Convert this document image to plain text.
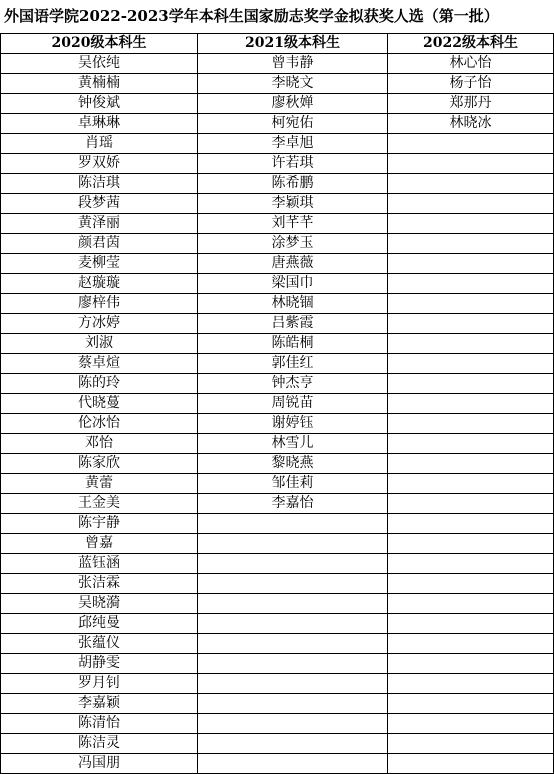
外国语学院2022-2023学年本科生国家励志奖学金拟获奖人选（第一批）
2020级本科生	2021级本科生	2022级本科生
吴依纯	曾韦静	林心怡
黄楠楠	李晓文	杨子怡
钟俊斌	廖秋婵	郑那丹
卓琳琳	柯宛佑	林晓冰
肖瑶	李卓旭	
罗双娇	许若琪	
陈洁琪	陈希鹏	
段梦茜	李颖琪	
黄泽丽	刘芊芊	
颜君茵	涂梦玉	
麦柳莹	唐燕薇	
赵璇璇	梁国巾	
廖梓伟	林晓锢	
方冰婷	吕紫霞	
刘淑	陈皓桐	
蔡卓煊	郭佳红	
陈的玲	钟杰亨	
代晓蔓	周锐苗	
伦冰怡	谢婷钰	
邓怡	林雪儿	
陈家欣	黎晓燕	
黄蕾	邹佳莉	
王金美	李嘉怡	
陈宇静		
曾嘉		
蓝钰涵		
张洁霖		
吴晓漪		
邱纯曼		
张蕴仪		
胡静雯		
罗月钊		
李嘉颖		
陈清怡		
陈洁灵		
冯国朋		
